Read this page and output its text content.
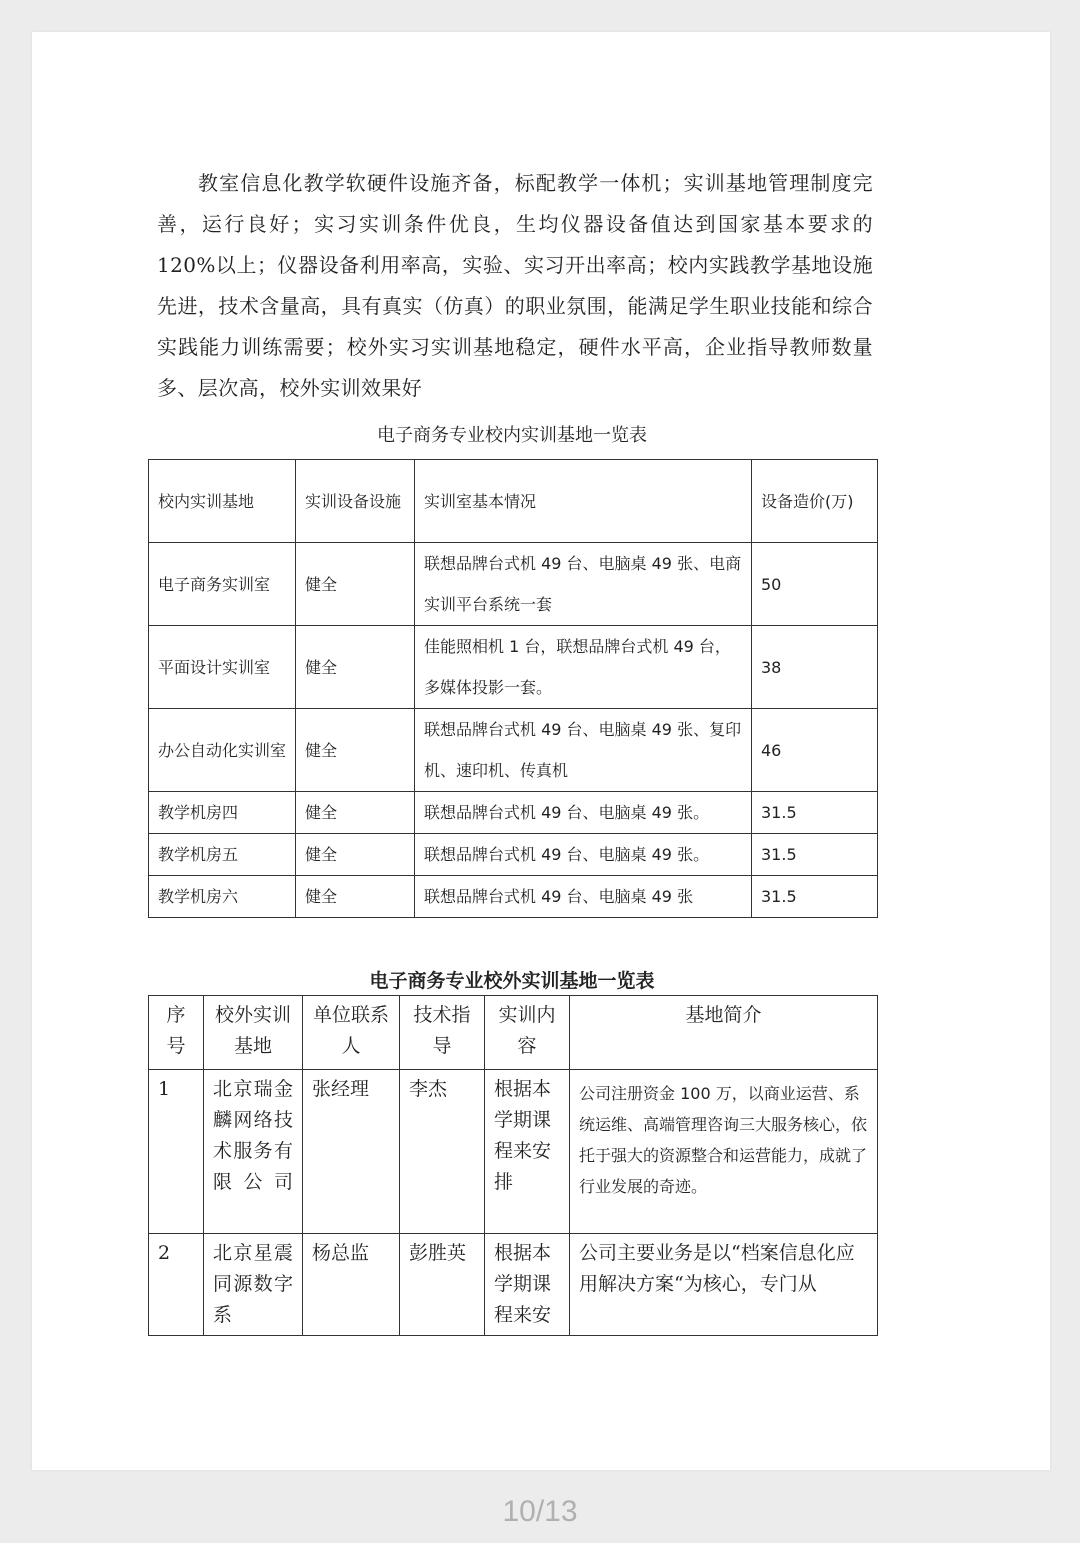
教室信息化教学软硬件设施齐备，标配教学一体机；实训基地管理制度完善，运行良好；实习实训条件优良，生均仪器设备值达到国家基本要求的 120%以上；仪器设备利用率高，实验、实习开出率高；校内实践教学基地设施先进，技术含量高，具有真实（仿真）的职业氛围，能满足学生职业技能和综合实践能力训练需要；校外实习实训基地稳定，硬件水平高，企业指导教师数量多、层次高，校外实训效果好

电子商务专业校内实训基地一览表
校内实训基地	实训设备设施	实训室基本情况	设备造价(万)
电子商务实训室	健全	联想品牌台式机 49 台、电脑桌 49 张、电商实训平台系统一套	50
平面设计实训室	健全	佳能照相机 1 台，联想品牌台式机 49 台，多媒体投影一套。	38
办公自动化实训室	健全	联想品牌台式机 49 台、电脑桌 49 张、复印机、速印机、传真机	46
教学机房四	健全	联想品牌台式机 49 台、电脑桌 49 张。	31.5
教学机房五	健全	联想品牌台式机 49 台、电脑桌 49 张。	31.5
教学机房六	健全	联想品牌台式机 49 台、电脑桌 49 张	31.5
电子商务专业校外实训基地一览表
序号	校外实训基地	单位联系人	技术指导	实训内容	基地简介
1	北京瑞金麟网络技术服务有限公司	张经理	李杰	根据本学期课程来安排	公司注册资金 100 万，以商业运营、系统运维、高端管理咨询三大服务核心，依托于强大的资源整合和运营能力，成就了行业发展的奇迹。
2	北京星震同源数字系	杨总监	彭胜英	根据本学期课程来安	公司主要业务是以“档案信息化应用解决方案“为核心，专门从
10/13
